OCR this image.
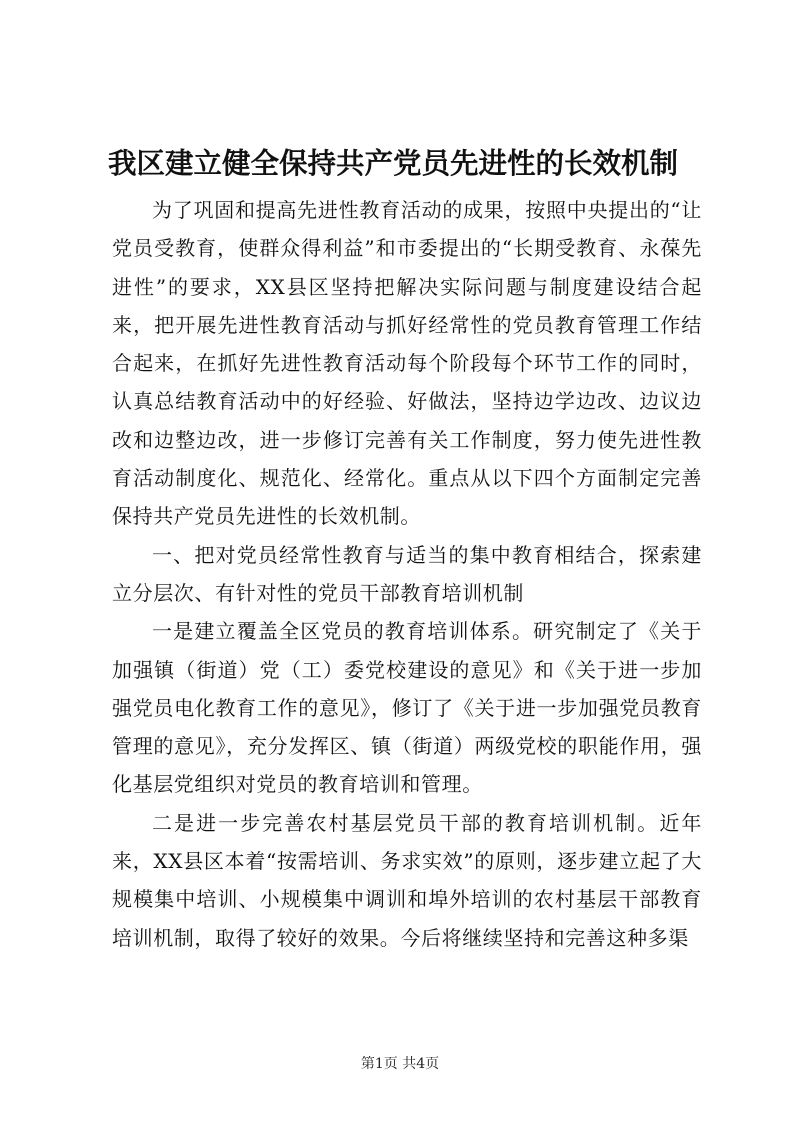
我区建立健全保持共产党员先进性的长效机制

为了巩固和提高先进性教育活动的成果，按照中央提出的“让党员受教育，使群众得利益”和市委提出的“长期受教育、永葆先进性”的要求，XX县区坚持把解决实际问题与制度建设结合起来，把开展先进性教育活动与抓好经常性的党员教育管理工作结合起来，在抓好先进性教育活动每个阶段每个环节工作的同时，认真总结教育活动中的好经验、好做法，坚持边学边改、边议边改和边整边改，进一步修订完善有关工作制度，努力使先进性教育活动制度化、规范化、经常化。重点从以下四个方面制定完善保持共产党员先进性的长效机制。

一、把对党员经常性教育与适当的集中教育相结合，探索建立分层次、有针对性的党员干部教育培训机制

一是建立覆盖全区党员的教育培训体系。研究制定了《关于加强镇（街道）党（工）委党校建设的意见》和《关于进一步加强党员电化教育工作的意见》，修订了《关于进一步加强党员教育管理的意见》，充分发挥区、镇（街道）两级党校的职能作用，强化基层党组织对党员的教育培训和管理。

二是进一步完善农村基层党员干部的教育培训机制。近年来，XX县区本着“按需培训、务求实效”的原则，逐步建立起了大规模集中培训、小规模集中调训和埠外培训的农村基层干部教育培训机制，取得了较好的效果。今后将继续坚持和完善这种多渠

第1页 共4页
